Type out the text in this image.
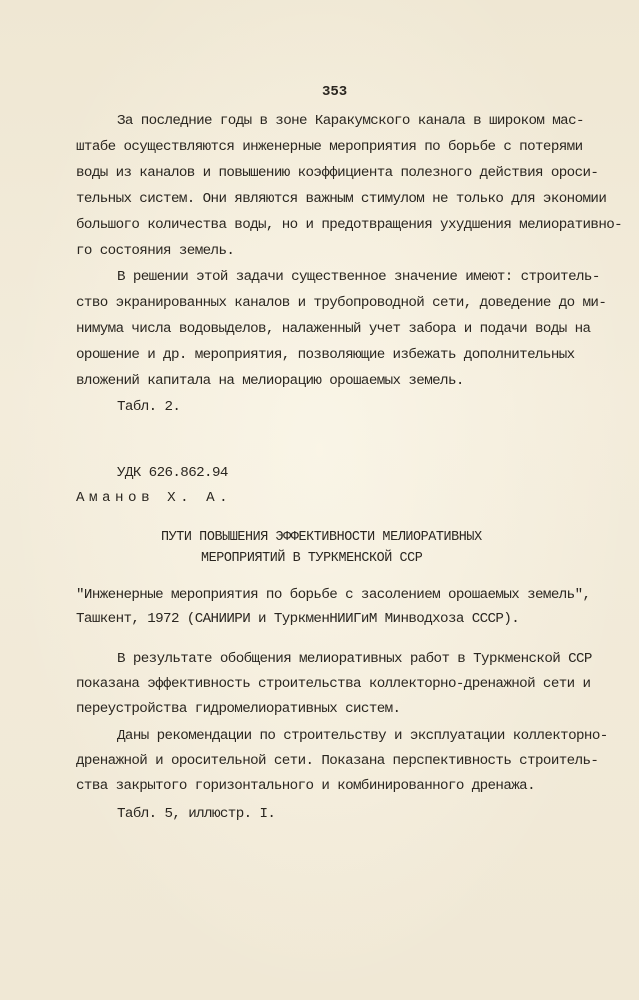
353
За последние годы в зоне Каракумского канала в широком мас-
штабе осуществляются инженерные мероприятия по борьбе с потерями
воды из каналов и повышению коэффициента полезного действия ороси-
тельных систем. Они являются важным стимулом не только для экономии
большого количества воды, но и предотвращения ухудшения мелиоративно-
го состояния земель.
В решении этой задачи существенное значение имеют: строитель-
ство экранированных каналов и трубопроводной сети, доведение до ми-
нимума числа водовыделов, налаженный учет забора и подачи воды на
орошение и др. мероприятия, позволяющие избежать дополнительных
вложений капитала на мелиорацию орошаемых земель.
Табл. 2.
УДК 626.862.94
Аманов Х. А.
ПУТИ ПОВЫШЕНИЯ ЭФФЕКТИВНОСТИ МЕЛИОРАТИВНЫХ
МЕРОПРИЯТИЙ В ТУРКМЕНСКОЙ ССР
"Инженерные мероприятия по борьбе с засолением орошаемых земель",
Ташкент, 1972 (САНИИРИ и ТуркменНИИГиМ Минводхоза СССР).
В результате обобщения мелиоративных работ в Туркменской ССР
показана эффективность строительства коллекторно-дренажной сети и
переустройства гидромелиоративных систем.
Даны рекомендации по строительству и эксплуатации коллекторно-
дренажной и оросительной сети. Показана перспективность строитель-
ства закрытого горизонтального и комбинированного дренажа.
Табл. 5, иллюстр. I.
